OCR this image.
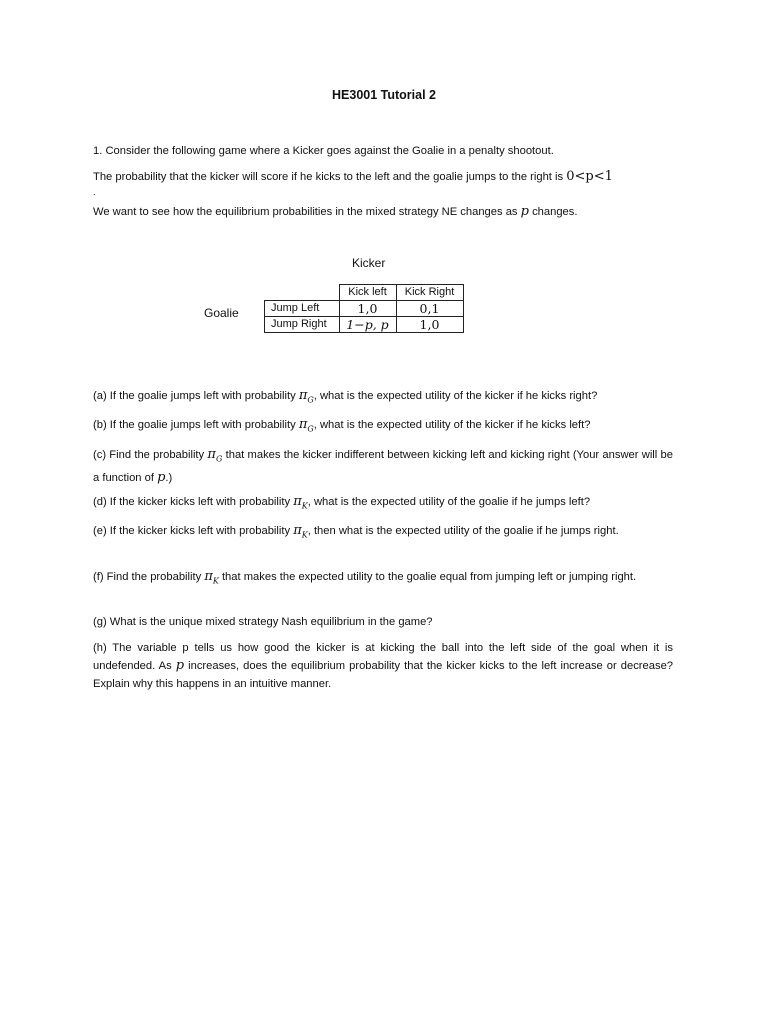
HE3001 Tutorial 2
1. Consider the following game where a Kicker goes against the Goalie in a penalty shootout.
The probability that the kicker will score if he kicks to the left and the goalie jumps to the right is 0<p<1
.
We want to see how the equilibrium probabilities in the mixed strategy NE changes as p changes.
Kicker
Goalie
	Kick left	Kick Right
Jump Left	1,0	0,1
Jump Right	1−p, p	1,0
(a) If the goalie jumps left with probability $\pi_G$, what is the expected utility of the kicker if he kicks right?
(b) If the goalie jumps left with probability $\pi_G$, what is the expected utility of the kicker if he kicks left?
(c) Find the probability $\pi_G$ that makes the kicker indifferent between kicking left and kicking right (Your answer will be a function of p.)
(d) If the kicker kicks left with probability $\pi_K$, what is the expected utility of the goalie if he jumps left?
(e) If the kicker kicks left with probability $\pi_K$, then what is the expected utility of the goalie if he jumps right.
(f) Find the probability $\pi_K$ that makes the expected utility to the goalie equal from jumping left or jumping right.
(g) What is the unique mixed strategy Nash equilibrium in the game?
(h) The variable p tells us how good the kicker is at kicking the ball into the left side of the goal when it is undefended. As p increases, does the equilibrium probability that the kicker kicks to the left increase or decrease? Explain why this happens in an intuitive manner.
